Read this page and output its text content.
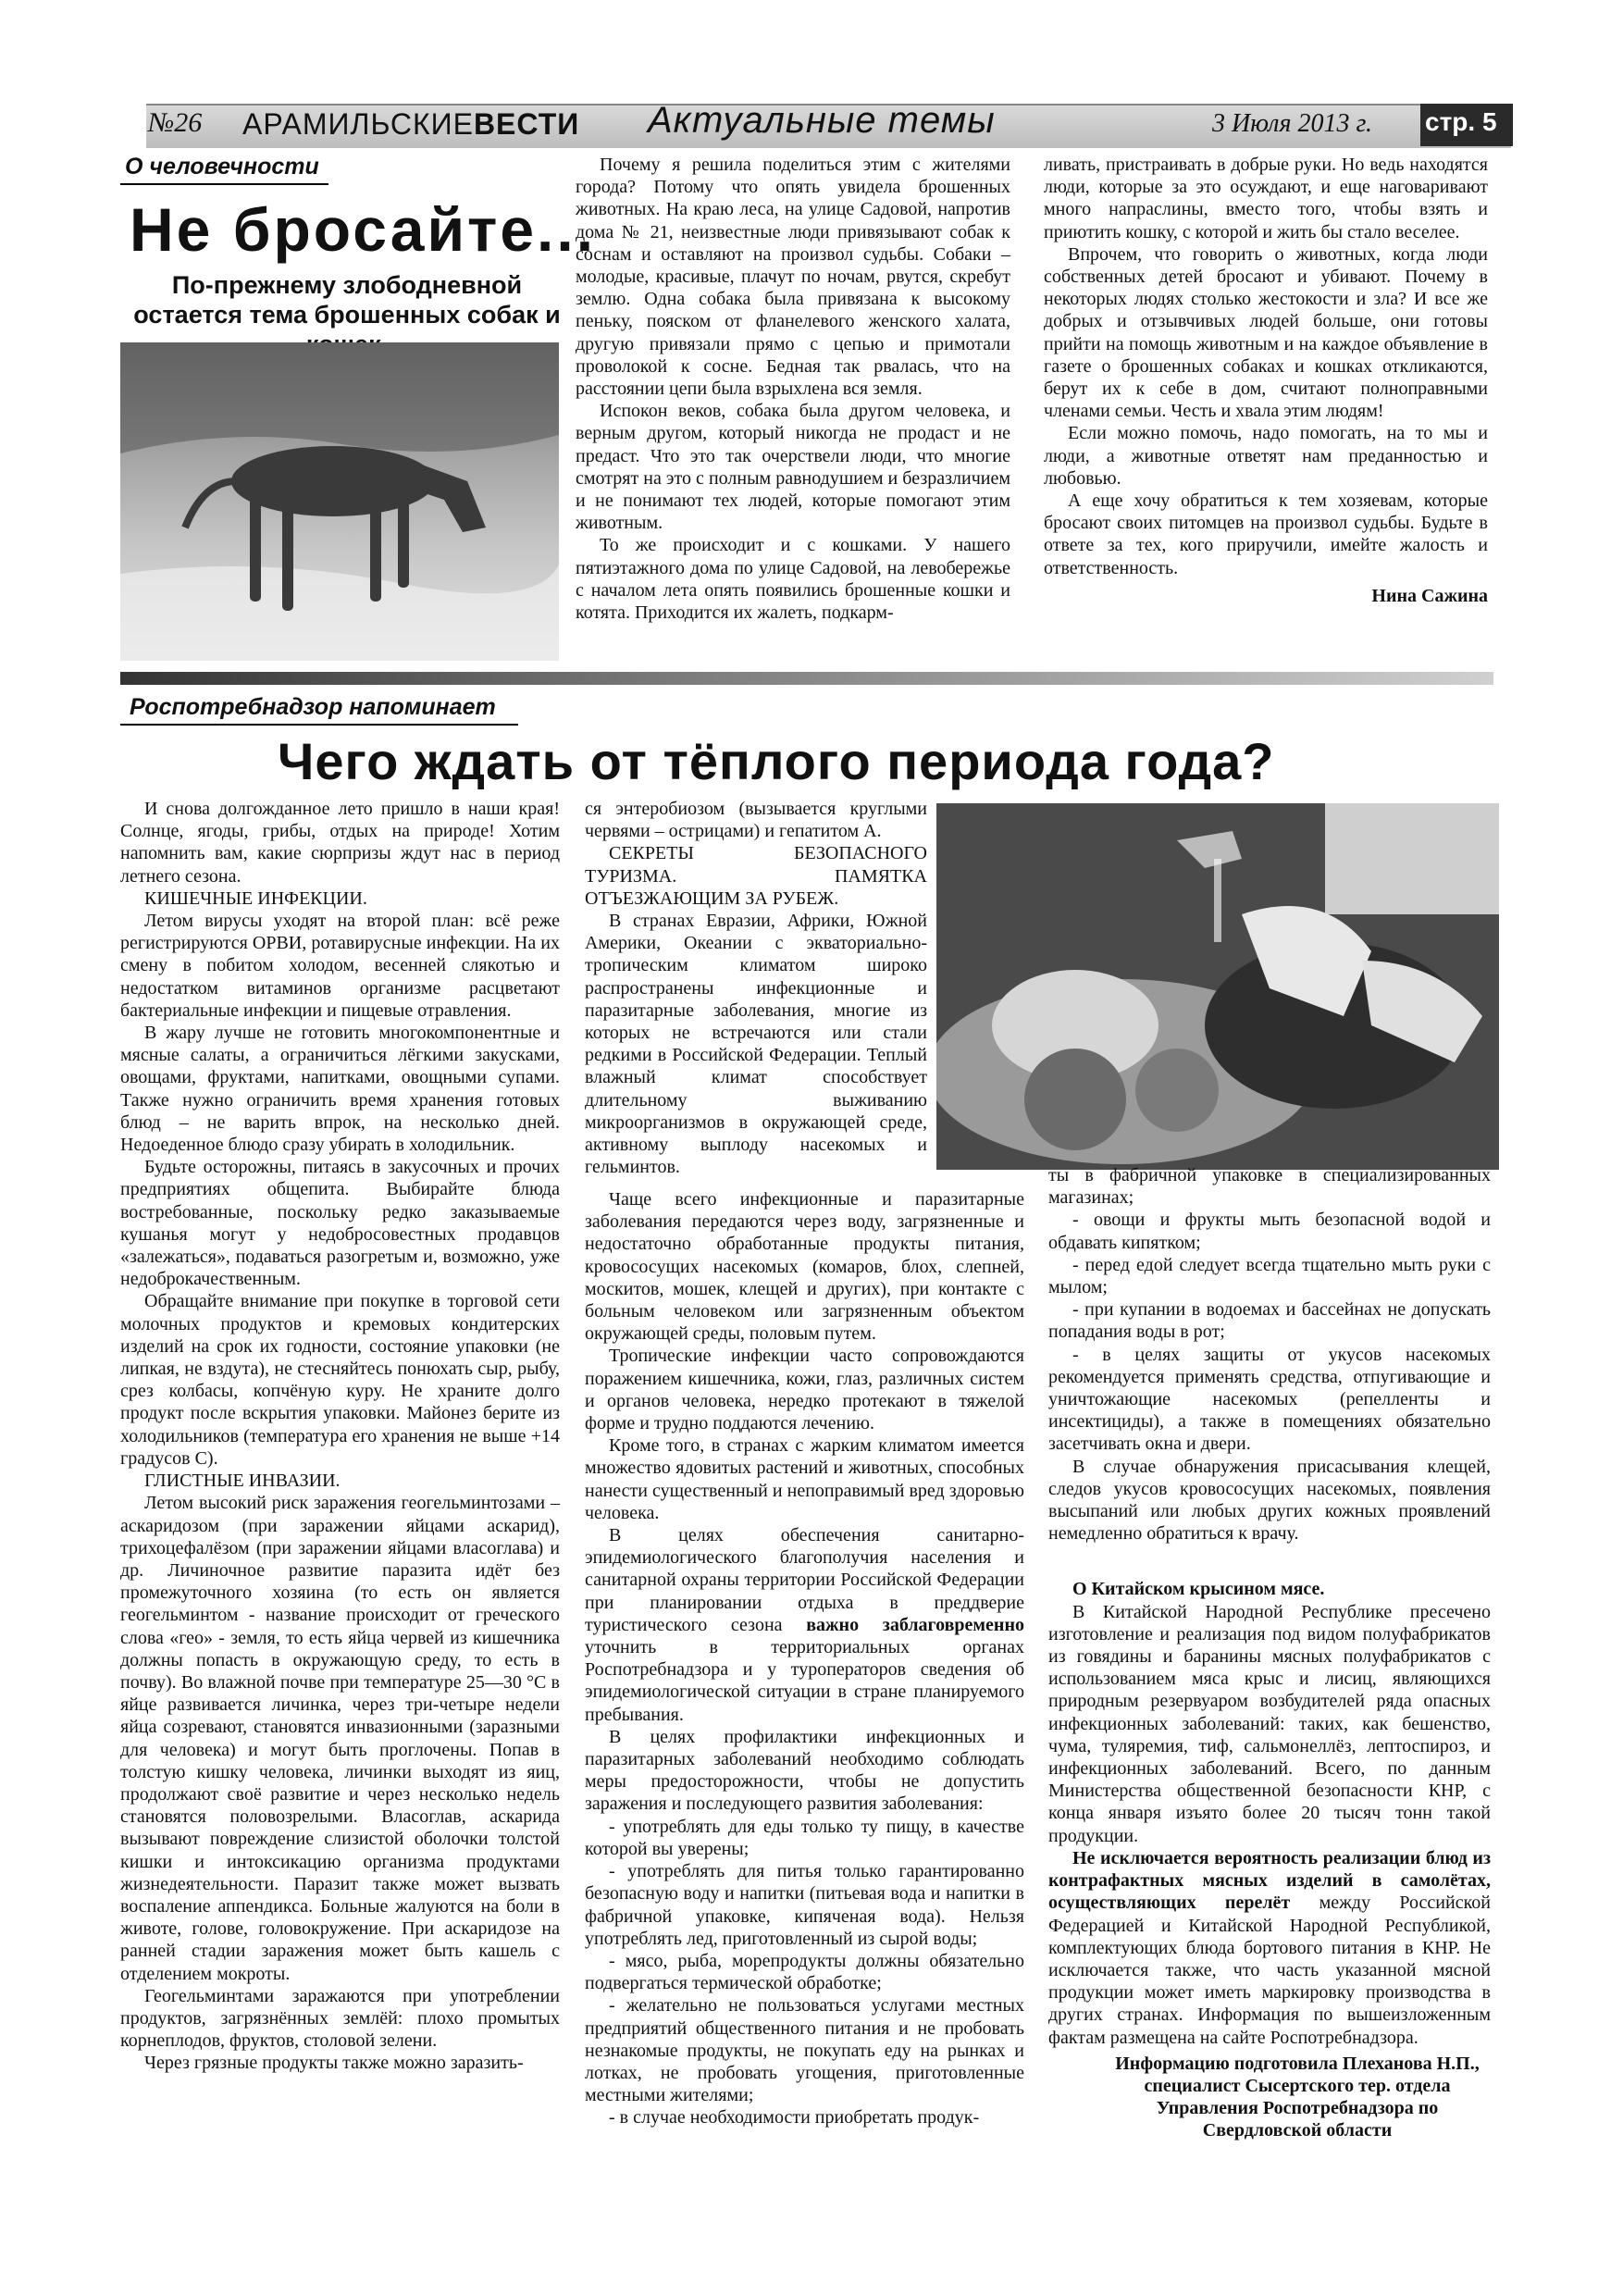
№26 АРАМИЛЬСКИЕВЕСТИ Актуальные темы	3 Июля 2013 г. стр. 5
О человечности
Не бросайте...
По-прежнему злободневной остается тема брошенных собак и

Почему я решила поделиться этим с жителями города? Потому что опять увидела брошенных животных. На краю леса, на улице Садовой, напротив дома № 21, неизвестные люди привязывают собак к соснам и оставляют на произвол судьбы. Собаки – молодые, красивые, плачут по ночам, рвутся, скребут землю. Одна собака была привязана к высокому пеньку, пояском от фланелевого женского халата, другую привязали прямо с цепью и примотали проволокой к сосне. Бедная так рвалась, что на расстоянии цепи была взрыхлена вся земля.

Испокон веков, собака была другом человека, и верным другом, который никогда не продаст и не предаст. Что это так очерствели люди, что многие смотрят на это с полным равнодушием и безразличием и не понимают тех людей, которые помогают этим животным.

То же происходит и с кошками. У нашего пятиэтажного дома по улице Садовой, на левобережье с началом лета опять появились брошенные кошки и котята. Приходится их жалеть, подкарм-

ливать, пристраивать в добрые руки. Но ведь находятся люди, которые за это осуждают, и еще наговаривают много напраслины, вместо того, чтобы взять и приютить кошку, с которой и жить бы стало веселее.

Впрочем, что говорить о животных, когда люди собственных детей бросают и убивают. Почему в некоторых людях столько жестокости и зла? И все же добрых и отзывчивых людей больше, они готовы прийти на помощь животным и на каждое объявление в газете о брошенных собаках и кошках откликаются, берут их к себе в дом, считают полноправными членами семьи. Честь и хвала этим людям!

Если можно помочь, надо помогать, на то мы и люди, а животные ответят нам преданностью и любовью.

А еще хочу обратиться к тем хозяевам, которые бросают своих питомцев на произвол судьбы. Будьте в ответе за тех, кого приручили, имейте жалость и ответственность.

Нина Сажина

Роспотребнадзор напоминает
Чего ждать от тёплого периода года?

И снова долгожданное лето пришло в наши края! Солнце, ягоды, грибы, отдых на природе! Хотим напомнить вам, какие сюрпризы ждут нас в период летнего сезона.

КИШЕЧНЫЕ ИНФЕКЦИИ.

Летом вирусы уходят на второй план: всё реже регистрируются ОРВИ, ротавирусные инфекции. На их смену в побитом холодом, весенней слякотью и недостатком витаминов организме расцветают бактериальные инфекции и пищевые отравления.

В жару лучше не готовить многокомпонентные и мясные салаты, а ограничиться лёгкими закусками, овощами, фруктами, напитками, овощными супами. Также нужно ограничить время хранения готовых блюд – не варить впрок, на несколько дней. Недоеденное блюдо сразу убирать в холодильник.

Будьте осторожны, питаясь в закусочных и прочих предприятиях общепита. Выбирайте блюда востребованные, поскольку редко заказываемые кушанья могут у недобросовестных продавцов «залежаться», подаваться разогретым и, возможно, уже недоброкачественным.

Обращайте внимание при покупке в торговой сети молочных продуктов и кремовых кондитерских изделий на срок их годности, состояние упаковки (не липкая, не вздута), не стесняйтесь понюхать сыр, рыбу, срез колбасы, копчёную куру. Не храните долго продукт после вскрытия упаковки. Майонез берите из холодильников (температура его хранения не выше +14 градусов С).

ГЛИСТНЫЕ ИНВАЗИИ.

Летом высокий риск заражения геогельминтозами – аскаридозом (при заражении яйцами аскарид), трихоцефалёзом (при заражении яйцами власоглава) и др. Личиночное развитие паразита идёт без промежуточного хозяина (то есть он является геогельминтом - название происходит от греческого слова «гео» - земля, то есть яйца червей из кишечника должны попасть в окружающую среду, то есть в почву). Во влажной почве при температуре 25—30 °С в яйце развивается личинка, через три-четыре недели яйца созревают, становятся инвазионными (заразными для человека) и могут быть проглочены. Попав в толстую кишку человека, личинки выходят из яиц, продолжают своё развитие и через несколько недель становятся половозрелыми. Власоглав, аскарида вызывают повреждение слизистой оболочки толстой кишки и интоксикацию организма продуктами жизнедеятельности. Паразит также может вызвать воспаление аппендикса. Больные жалуются на боли в животе, голове, головокружение. При аскаридозе на ранней стадии заражения может быть кашель с отделением мокроты.

Геогельминтами заражаются при употреблении продуктов, загрязнённых землёй: плохо промытых корнеплодов, фруктов, столовой зелени.

Через грязные продукты также можно заразить-

ся энтеробиозом (вызывается круглыми червями – острицами) и гепатитом А.

СЕКРЕТЫ БЕЗОПАСНОГО ТУРИЗМА. ПАМЯТКА ОТЪЕЗЖАЮЩИМ ЗА РУБЕЖ.

В странах Евразии, Африки, Южной Америки, Океании с экваториально-тропическим климатом широко распространены инфекционные и паразитарные заболевания, многие из которых не встречаются или стали редкими в Российской Федерации. Теплый влажный климат способствует длительному выживанию микроорганизмов в окружающей среде, активному выплоду насекомых и гельминтов.

Чаще всего инфекционные и паразитарные заболевания передаются через воду, загрязненные и недостаточно обработанные продукты питания, кровососущих насекомых (комаров, блох, слепней, москитов, мошек, клещей и других), при контакте с больным человеком или загрязненным объектом окружающей среды, половым путем.

Тропические инфекции часто сопровождаются поражением кишечника, кожи, глаз, различных систем и органов человека, нередко протекают в тяжелой форме и трудно поддаются лечению.

Кроме того, в странах с жарким климатом имеется множество ядовитых растений и животных, способных нанести существенный и непоправимый вред здоровью человека.

В целях обеспечения санитарно-эпидемиологического благополучия населения и санитарной охраны территории Российской Федерации при планировании отдыха в преддверие туристического сезона важно заблаговременно уточнить в территориальных органах Роспотребнадзора и у туроператоров сведения об эпидемиологической ситуации в стране планируемого пребывания.

В целях профилактики инфекционных и паразитарных заболеваний необходимо соблюдать меры предосторожности, чтобы не допустить заражения и последующего развития заболевания:

- употреблять для еды только ту пищу, в качестве которой вы уверены;

- употреблять для питья только гарантированно безопасную воду и напитки (питьевая вода и напитки в фабричной упаковке, кипяченая вода). Нельзя употреблять лед, приготовленный из сырой воды;

- мясо, рыба, морепродукты должны обязательно подвергаться термической обработке;

- желательно не пользоваться услугами местных предприятий общественного питания и не пробовать незнакомые продукты, не покупать еду на рынках и лотках, не пробовать угощения, приготовленные местными жителями;

- в случае необходимости приобретать продук-

ты в фабричной упаковке в специализированных магазинах;

- овощи и фрукты мыть безопасной водой и обдавать кипятком;

- перед едой следует всегда тщательно мыть руки с мылом;

- при купании в водоемах и бассейнах не допускать попадания воды в рот;

- в целях защиты от укусов насекомых рекомендуется применять средства, отпугивающие и уничтожающие насекомых (репелленты и инсектициды), а также в помещениях обязательно засетчивать окна и двери.

В случае обнаружения присасывания клещей, следов укусов кровососущих насекомых, появления высыпаний или любых других кожных проявлений немедленно обратиться к врачу.

О Китайском крысином мясе.

В Китайской Народной Республике пресечено изготовление и реализация под видом полуфабрикатов из говядины и баранины мясных полуфабрикатов с использованием мяса крыс и лисиц, являющихся природным резервуаром возбудителей ряда опасных инфекционных заболеваний: таких, как бешенство, чума, туляремия, тиф, сальмонеллёз, лептоспироз, и инфекционных заболеваний. Всего, по данным Министерства общественной безопасности КНР, с конца января изъято более 20 тысяч тонн такой продукции.

Не исключается вероятность реализации блюд из контрафактных мясных изделий в самолётах, осуществляющих перелёт между Российской Федерацией и Китайской Народной Республикой, комплектующих блюда бортового питания в КНР. Не исключается также, что часть указанной мясной продукции может иметь маркировку производства в других странах. Информация по вышеизложенным фактам размещена на сайте Роспотребнадзора.

Информацию подготовила Плеханова Н.П., специалист Сысертского тер. отдела Управления Роспотребнадзора по Свердловской области
